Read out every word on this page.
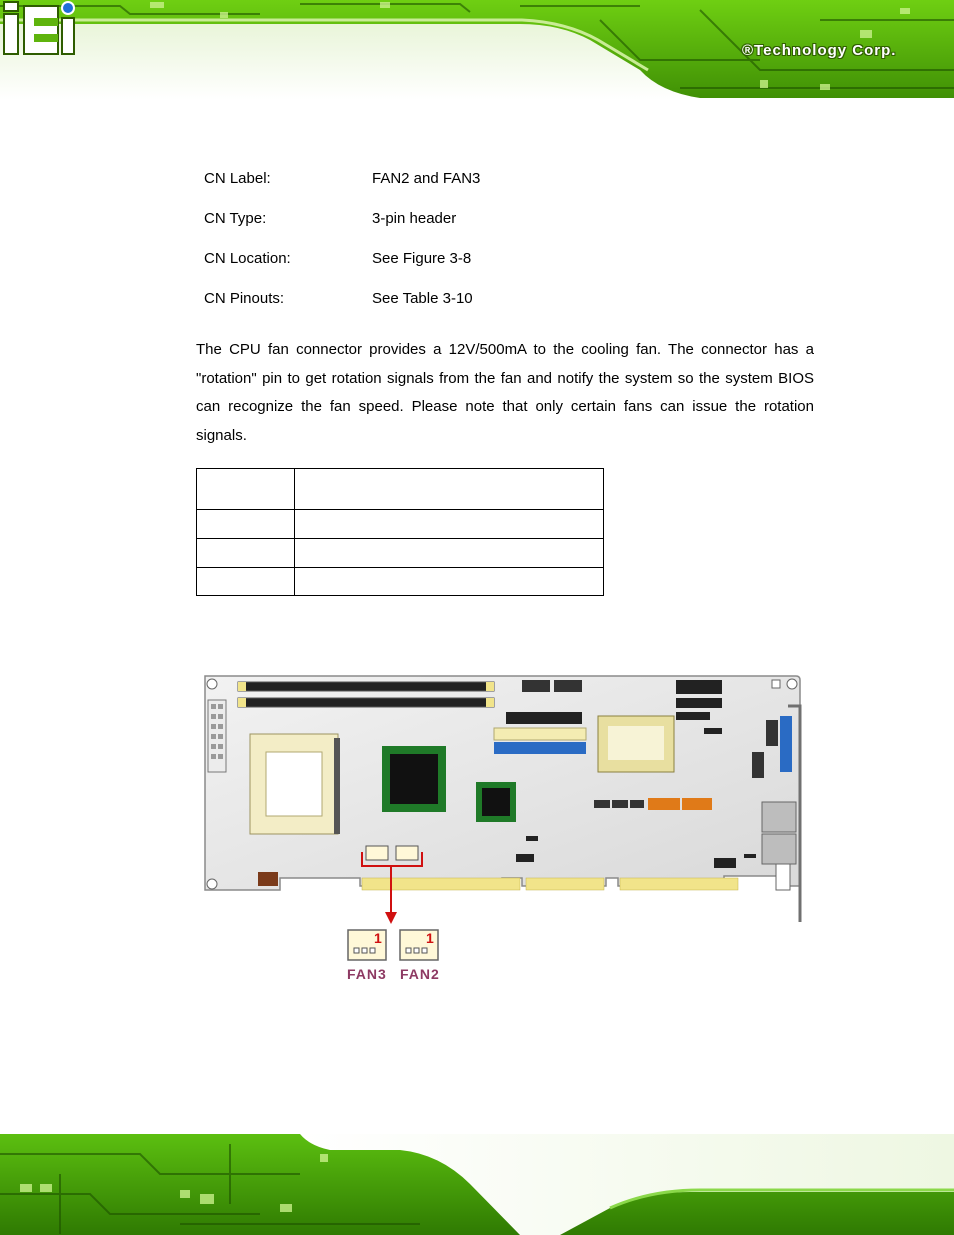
®Technology Corp.
CN Label:	FAN2 and FAN3
CN Type:	3-pin header
CN Location:	See Figure 3-8
CN Pinouts:	See Table 3-10

The CPU fan connector provides a 12V/500mA to the cooling fan. The connector has a "rotation" pin to get rotation signals from the fan and notify the system so the system BIOS can recognize the fan speed. Please note that only certain fans can issue the rotation signals.

1	1
FAN3 FAN2
